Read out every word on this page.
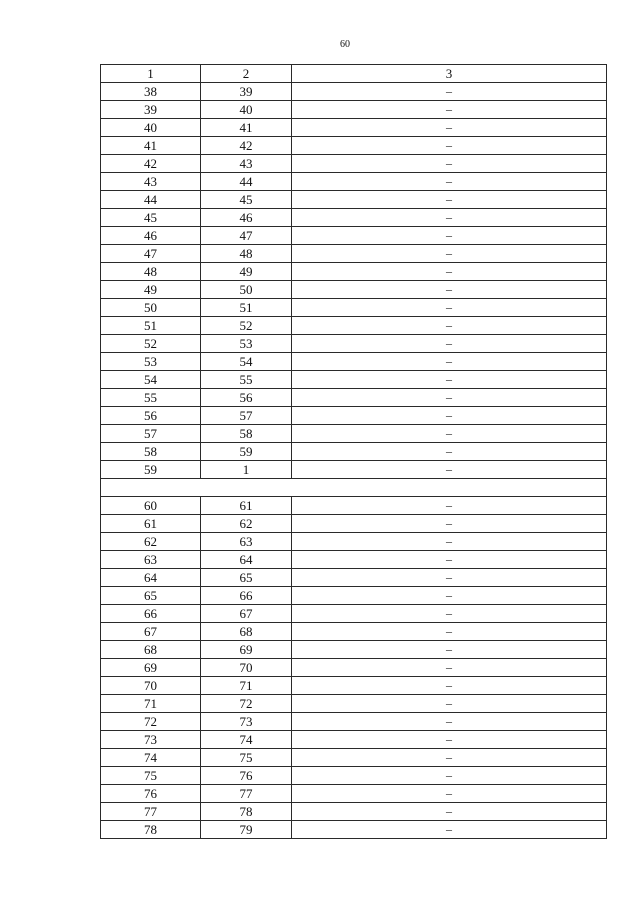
60
1	2	3
38	39	–
39	40	–
40	41	–
41	42	–
42	43	–
43	44	–
44	45	–
45	46	–
46	47	–
47	48	–
48	49	–
49	50	–
50	51	–
51	52	–
52	53	–
53	54	–
54	55	–
55	56	–
56	57	–
57	58	–
58	59	–
59	1	–

60	61	–
61	62	–
62	63	–
63	64	–
64	65	–
65	66	–
66	67	–
67	68	–
68	69	–
69	70	–
70	71	–
71	72	–
72	73	–
73	74	–
74	75	–
75	76	–
76	77	–
77	78	–
78	79	–
